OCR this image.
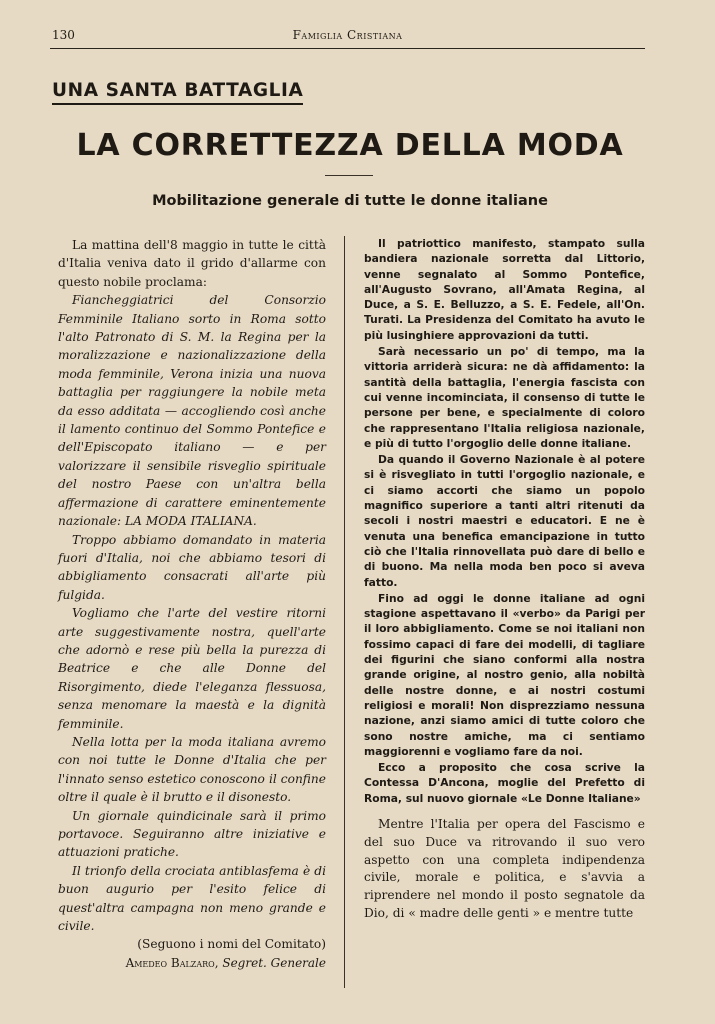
130	Famiglia Cristiana
UNA SANTA BATTAGLIA
LA CORRETTEZZA DELLA MODA
Mobilitazione generale di tutte le donne italiane

La mattina dell'8 maggio in tutte le città d'Italia veniva dato il grido d'allarme con questo nobile proclama:

Fiancheggiatrici del Consorzio Femminile Italiano sorto in Roma sotto l'alto Patronato di S. M. la Regina per la moralizzazione e nazionalizzazione della moda femminile, Verona inizia una nuova battaglia per raggiungere la nobile meta da esso additata — accogliendo così anche il lamento continuo del Sommo Pontefice e dell'Episcopato italiano — e per valorizzare il sensibile risveglio spirituale del nostro Paese con un'altra bella affermazione di carattere eminentemente nazionale: LA MODA ITALIANA.

Troppo abbiamo domandato in materia fuori d'Italia, noi che abbiamo tesori di abbigliamento consacrati all'arte più fulgida.

Vogliamo che l'arte del vestire ritorni arte suggestivamente nostra, quell'arte che adornò e rese più bella la purezza di Beatrice e che alle Donne del Risorgimento, diede l'eleganza flessuosa, senza menomare la maestà e la dignità femminile.

Nella lotta per la moda italiana avremo con noi tutte le Donne d'Italia che per l'innato senso estetico conoscono il confine oltre il quale è il brutto e il disonesto.

Un giornale quindicinale sarà il primo portavoce. Seguiranno altre iniziative e attuazioni pratiche.

Il trionfo della crociata antiblasfema è di buon augurio per l'esito felice di quest'altra campagna non meno grande e civile.

(Seguono i nomi del Comitato)

Amedeo Balzaro, Segret. Generale

Il patriottico manifesto, stampato sulla bandiera nazionale sorretta dal Littorio, venne segnalato al Sommo Pontefice, all'Augusto Sovrano, all'Amata Regina, al Duce, a S. E. Belluzzo, a S. E. Fedele, all'On. Turati. La Presidenza del Comitato ha avuto le più lusinghiere approvazioni da tutti.

Sarà necessario un po' di tempo, ma la vittoria arriderà sicura: ne dà affidamento: la santità della battaglia, l'energia fascista con cui venne incominciata, il consenso di tutte le persone per bene, e specialmente di coloro che rappresentano l'Italia religiosa nazionale, e più di tutto l'orgoglio delle donne italiane.

Da quando il Governo Nazionale è al potere si è risvegliato in tutti l'orgoglio nazionale, e ci siamo accorti che siamo un popolo magnifico superiore a tanti altri ritenuti da secoli i nostri maestri e educatori. E ne è venuta una benefica emancipazione in tutto ciò che l'Italia rinnovellata può dare di bello e di buono. Ma nella moda ben poco si aveva fatto.

Fino ad oggi le donne italiane ad ogni stagione aspettavano il «verbo» da Parigi per il loro abbigliamento. Come se noi italiani non fossimo capaci di fare dei modelli, di tagliare dei figurini che siano conformi alla nostra grande origine, al nostro genio, alla nobiltà delle nostre donne, e ai nostri costumi religiosi e morali! Non disprezziamo nessuna nazione, anzi siamo amici di tutte coloro che sono nostre amiche, ma ci sentiamo maggiorenni e vogliamo fare da noi.

Ecco a proposito che cosa scrive la Contessa D'Ancona, moglie del Prefetto di Roma, sul nuovo giornale «Le Donne Italiane»

Mentre l'Italia per opera del Fascismo e del suo Duce va ritrovando il suo vero aspetto con una completa indipendenza civile, morale e politica, e s'avvia a riprendere nel mondo il posto segnatole da Dio, di « madre delle genti » e mentre tutte
